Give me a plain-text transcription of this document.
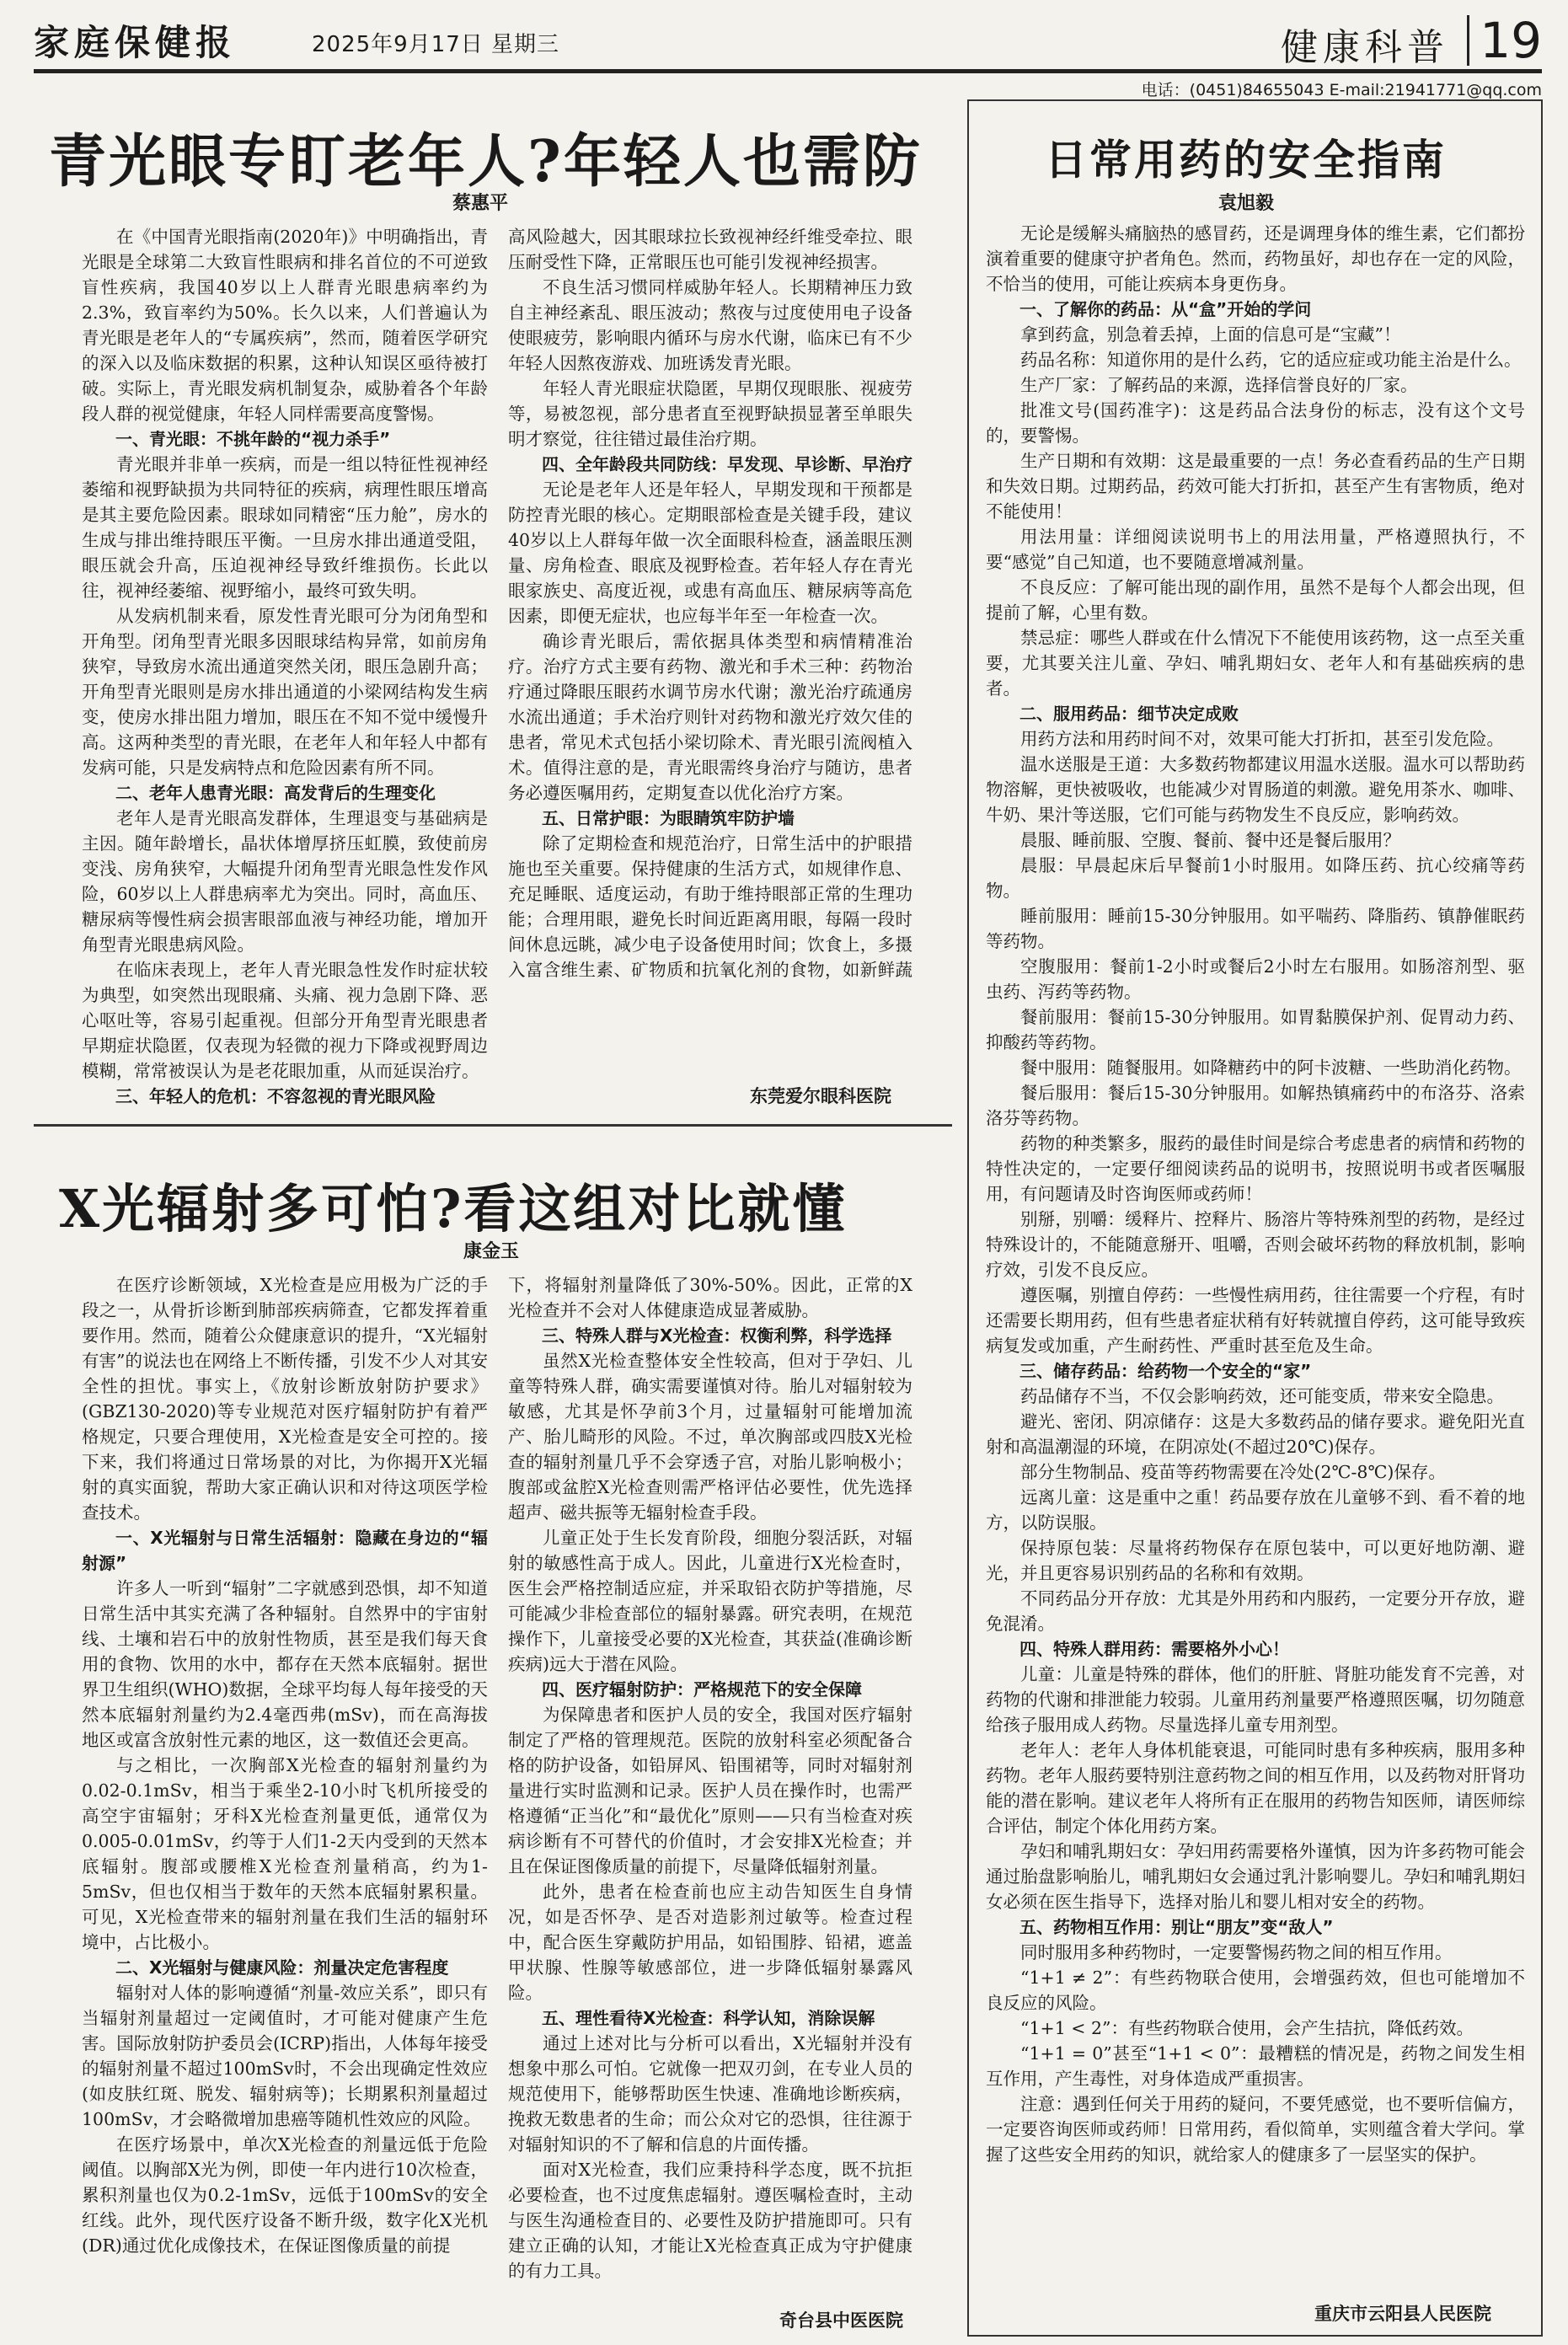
家庭保健报	2025年9月17日 星期三	健康科普 19
电话：(0451)84655043 E-mail:21941771@qq.com
青光眼专盯老年人?年轻人也需防
蔡惠平

在《中国青光眼指南(2020年)》中明确指出，青光眼是全球第二大致盲性眼病和排名首位的不可逆致盲性疾病，我国40岁以上人群青光眼患病率约为2.3%，致盲率约为50%。长久以来，人们普遍认为青光眼是老年人的“专属疾病”，然而，随着医学研究的深入以及临床数据的积累，这种认知误区亟待被打破。实际上，青光眼发病机制复杂，威胁着各个年龄段人群的视觉健康，年轻人同样需要高度警惕。

一、青光眼：不挑年龄的“视力杀手”

青光眼并非单一疾病，而是一组以特征性视神经萎缩和视野缺损为共同特征的疾病，病理性眼压增高是其主要危险因素。眼球如同精密“压力舱”，房水的生成与排出维持眼压平衡。一旦房水排出通道受阻，眼压就会升高，压迫视神经导致纤维损伤。长此以往，视神经萎缩、视野缩小，最终可致失明。

从发病机制来看，原发性青光眼可分为闭角型和开角型。闭角型青光眼多因眼球结构异常，如前房角狭窄，导致房水流出通道突然关闭，眼压急剧升高；开角型青光眼则是房水排出通道的小梁网结构发生病变，使房水排出阻力增加，眼压在不知不觉中缓慢升高。这两种类型的青光眼，在老年人和年轻人中都有发病可能，只是发病特点和危险因素有所不同。

二、老年人患青光眼：高发背后的生理变化

老年人是青光眼高发群体，生理退变与基础病是主因。随年龄增长，晶状体增厚挤压虹膜，致使前房变浅、房角狭窄，大幅提升闭角型青光眼急性发作风险，60岁以上人群患病率尤为突出。同时，高血压、糖尿病等慢性病会损害眼部血液与神经功能，增加开角型青光眼患病风险。

在临床表现上，老年人青光眼急性发作时症状较为典型，如突然出现眼痛、头痛、视力急剧下降、恶心呕吐等，容易引起重视。但部分开角型青光眼患者早期症状隐匿，仅表现为轻微的视力下降或视野周边模糊，常常被误认为是老花眼加重，从而延误治疗。

三、年轻人的危机：不容忽视的青光眼风险

高风险越大，因其眼球拉长致视神经纤维受牵拉、眼压耐受性下降，正常眼压也可能引发视神经损害。

不良生活习惯同样威胁年轻人。长期精神压力致自主神经紊乱、眼压波动；熬夜与过度使用电子设备使眼疲劳，影响眼内循环与房水代谢，临床已有不少年轻人因熬夜游戏、加班诱发青光眼。

年轻人青光眼症状隐匿，早期仅现眼胀、视疲劳等，易被忽视，部分患者直至视野缺损显著至单眼失明才察觉，往往错过最佳治疗期。

四、全年龄段共同防线：早发现、早诊断、早治疗

无论是老年人还是年轻人，早期发现和干预都是防控青光眼的核心。定期眼部检查是关键手段，建议40岁以上人群每年做一次全面眼科检查，涵盖眼压测量、房角检查、眼底及视野检查。若年轻人存在青光眼家族史、高度近视，或患有高血压、糖尿病等高危因素，即便无症状，也应每半年至一年检查一次。

确诊青光眼后，需依据具体类型和病情精准治疗。治疗方式主要有药物、激光和手术三种：药物治疗通过降眼压眼药水调节房水代谢；激光治疗疏通房水流出通道；手术治疗则针对药物和激光疗效欠佳的患者，常见术式包括小梁切除术、青光眼引流阀植入术。值得注意的是，青光眼需终身治疗与随访，患者务必遵医嘱用药，定期复查以优化治疗方案。

五、日常护眼：为眼睛筑牢防护墙

除了定期检查和规范治疗，日常生活中的护眼措施也至关重要。保持健康的生活方式，如规律作息、充足睡眠、适度运动，有助于维持眼部正常的生理功能；合理用眼，避免长时间近距离用眼，每隔一段时间休息远眺，减少电子设备使用时间；饮食上，多摄入富含维生素、矿物质和抗氧化剂的食物，如新鲜蔬

东莞爱尔眼科医院
X光辐射多可怕?看这组对比就懂
康金玉

在医疗诊断领域，X光检查是应用极为广泛的手段之一，从骨折诊断到肺部疾病筛查，它都发挥着重要作用。然而，随着公众健康意识的提升，“X光辐射有害”的说法也在网络上不断传播，引发不少人对其安全性的担忧。事实上，《放射诊断放射防护要求》(GBZ130-2020)等专业规范对医疗辐射防护有着严格规定，只要合理使用，X光检查是安全可控的。接下来，我们将通过日常场景的对比，为你揭开X光辐射的真实面貌，帮助大家正确认识和对待这项医学检查技术。

一、X光辐射与日常生活辐射：隐藏在身边的“辐射源”

许多人一听到“辐射”二字就感到恐惧，却不知道日常生活中其实充满了各种辐射。自然界中的宇宙射线、土壤和岩石中的放射性物质，甚至是我们每天食用的食物、饮用的水中，都存在天然本底辐射。据世界卫生组织(WHO)数据，全球平均每人每年接受的天然本底辐射剂量约为2.4毫西弗(mSv)，而在高海拔地区或富含放射性元素的地区，这一数值还会更高。

与之相比，一次胸部X光检查的辐射剂量约为0.02-0.1mSv，相当于乘坐2-10小时飞机所接受的高空宇宙辐射；牙科X光检查剂量更低，通常仅为0.005-0.01mSv，约等于人们1-2天内受到的天然本底辐射。腹部或腰椎X光检查剂量稍高，约为1-5mSv，但也仅相当于数年的天然本底辐射累积量。可见，X光检查带来的辐射剂量在我们生活的辐射环境中，占比极小。

二、X光辐射与健康风险：剂量决定危害程度

辐射对人体的影响遵循“剂量-效应关系”，即只有当辐射剂量超过一定阈值时，才可能对健康产生危害。国际放射防护委员会(ICRP)指出，人体每年接受的辐射剂量不超过100mSv时，不会出现确定性效应(如皮肤红斑、脱发、辐射病等)；长期累积剂量超过100mSv，才会略微增加患癌等随机性效应的风险。

在医疗场景中，单次X光检查的剂量远低于危险阈值。以胸部X光为例，即使一年内进行10次检查，累积剂量也仅为0.2-1mSv，远低于100mSv的安全红线。此外，现代医疗设备不断升级，数字化X光机(DR)通过优化成像技术，在保证图像质量的前提

下，将辐射剂量降低了30%-50%。因此，正常的X光检查并不会对人体健康造成显著威胁。

三、特殊人群与X光检查：权衡利弊，科学选择

虽然X光检查整体安全性较高，但对于孕妇、儿童等特殊人群，确实需要谨慎对待。胎儿对辐射较为敏感，尤其是怀孕前3个月，过量辐射可能增加流产、胎儿畸形的风险。不过，单次胸部或四肢X光检查的辐射剂量几乎不会穿透子宫，对胎儿影响极小；腹部或盆腔X光检查则需严格评估必要性，优先选择超声、磁共振等无辐射检查手段。

儿童正处于生长发育阶段，细胞分裂活跃，对辐射的敏感性高于成人。因此，儿童进行X光检查时，医生会严格控制适应症，并采取铅衣防护等措施，尽可能减少非检查部位的辐射暴露。研究表明，在规范操作下，儿童接受必要的X光检查，其获益(准确诊断疾病)远大于潜在风险。

四、医疗辐射防护：严格规范下的安全保障

为保障患者和医护人员的安全，我国对医疗辐射制定了严格的管理规范。医院的放射科室必须配备合格的防护设备，如铅屏风、铅围裙等，同时对辐射剂量进行实时监测和记录。医护人员在操作时，也需严格遵循“正当化”和“最优化”原则——只有当检查对疾病诊断有不可替代的价值时，才会安排X光检查；并且在保证图像质量的前提下，尽量降低辐射剂量。

此外，患者在检查前也应主动告知医生自身情况，如是否怀孕、是否对造影剂过敏等。检查过程中，配合医生穿戴防护用品，如铅围脖、铅裙，遮盖甲状腺、性腺等敏感部位，进一步降低辐射暴露风险。

五、理性看待X光检查：科学认知，消除误解

通过上述对比与分析可以看出，X光辐射并没有想象中那么可怕。它就像一把双刃剑，在专业人员的规范使用下，能够帮助医生快速、准确地诊断疾病，挽救无数患者的生命；而公众对它的恐惧，往往源于对辐射知识的不了解和信息的片面传播。

面对X光检查，我们应秉持科学态度，既不抗拒必要检查，也不过度焦虑辐射。遵医嘱检查时，主动与医生沟通检查目的、必要性及防护措施即可。只有建立正确的认知，才能让X光检查真正成为守护健康的有力工具。

奇台县中医医院
日常用药的安全指南
袁旭毅

无论是缓解头痛脑热的感冒药，还是调理身体的维生素，它们都扮演着重要的健康守护者角色。然而，药物虽好，却也存在一定的风险，不恰当的使用，可能让疾病本身更伤身。

一、了解你的药品：从“盒”开始的学问

拿到药盒，别急着丢掉，上面的信息可是“宝藏”！

药品名称：知道你用的是什么药，它的适应症或功能主治是什么。

生产厂家：了解药品的来源，选择信誉良好的厂家。

批准文号(国药准字)：这是药品合法身份的标志，没有这个文号的，要警惕。

生产日期和有效期：这是最重要的一点！务必查看药品的生产日期和失效日期。过期药品，药效可能大打折扣，甚至产生有害物质，绝对不能使用！

用法用量：详细阅读说明书上的用法用量，严格遵照执行，不要“感觉”自己知道，也不要随意增减剂量。

不良反应：了解可能出现的副作用，虽然不是每个人都会出现，但提前了解，心里有数。

禁忌症：哪些人群或在什么情况下不能使用该药物，这一点至关重要，尤其要关注儿童、孕妇、哺乳期妇女、老年人和有基础疾病的患者。

二、服用药品：细节决定成败

用药方法和用药时间不对，效果可能大打折扣，甚至引发危险。

温水送服是王道：大多数药物都建议用温水送服。温水可以帮助药物溶解，更快被吸收，也能减少对胃肠道的刺激。避免用茶水、咖啡、牛奶、果汁等送服，它们可能与药物发生不良反应，影响药效。

晨服、睡前服、空腹、餐前、餐中还是餐后服用？

晨服：早晨起床后早餐前1小时服用。如降压药、抗心绞痛等药物。

睡前服用：睡前15-30分钟服用。如平喘药、降脂药、镇静催眠药等药物。

空腹服用：餐前1-2小时或餐后2小时左右服用。如肠溶剂型、驱虫药、泻药等药物。

餐前服用：餐前15-30分钟服用。如胃黏膜保护剂、促胃动力药、抑酸药等药物。

餐中服用：随餐服用。如降糖药中的阿卡波糖、一些助消化药物。

餐后服用：餐后15-30分钟服用。如解热镇痛药中的布洛芬、洛索洛芬等药物。

药物的种类繁多，服药的最佳时间是综合考虑患者的病情和药物的特性决定的，一定要仔细阅读药品的说明书，按照说明书或者医嘱服用，有问题请及时咨询医师或药师！

别掰，别嚼：缓释片、控释片、肠溶片等特殊剂型的药物，是经过特殊设计的，不能随意掰开、咀嚼，否则会破坏药物的释放机制，影响疗效，引发不良反应。

遵医嘱，别擅自停药：一些慢性病用药，往往需要一个疗程，有时还需要长期用药，但有些患者症状稍有好转就擅自停药，这可能导致疾病复发或加重，产生耐药性、严重时甚至危及生命。

三、储存药品：给药物一个安全的“家”

药品储存不当，不仅会影响药效，还可能变质，带来安全隐患。

避光、密闭、阴凉储存：这是大多数药品的储存要求。避免阳光直射和高温潮湿的环境，在阴凉处(不超过20℃)保存。

部分生物制品、疫苗等药物需要在冷处(2℃-8℃)保存。

远离儿童：这是重中之重！药品要存放在儿童够不到、看不着的地方，以防误服。

保持原包装：尽量将药物保存在原包装中，可以更好地防潮、避光，并且更容易识别药品的名称和有效期。

不同药品分开存放：尤其是外用药和内服药，一定要分开存放，避免混淆。

四、特殊人群用药：需要格外小心！

儿童：儿童是特殊的群体，他们的肝脏、肾脏功能发育不完善，对药物的代谢和排泄能力较弱。儿童用药剂量要严格遵照医嘱，切勿随意给孩子服用成人药物。尽量选择儿童专用剂型。

老年人：老年人身体机能衰退，可能同时患有多种疾病，服用多种药物。老年人服药要特别注意药物之间的相互作用，以及药物对肝肾功能的潜在影响。建议老年人将所有正在服用的药物告知医师，请医师综合评估，制定个体化用药方案。

孕妇和哺乳期妇女：孕妇用药需要格外谨慎，因为许多药物可能会通过胎盘影响胎儿，哺乳期妇女会通过乳汁影响婴儿。孕妇和哺乳期妇女必须在医生指导下，选择对胎儿和婴儿相对安全的药物。

五、药物相互作用：别让“朋友”变“敌人”

同时服用多种药物时，一定要警惕药物之间的相互作用。

“1+1 ≠ 2”：有些药物联合使用，会增强药效，但也可能增加不良反应的风险。

“1+1 < 2”：有些药物联合使用，会产生拮抗，降低药效。

“1+1 = 0”甚至“1+1 < 0”：最糟糕的情况是，药物之间发生相互作用，产生毒性，对身体造成严重损害。

注意：遇到任何关于用药的疑问，不要凭感觉，也不要听信偏方，一定要咨询医师或药师！日常用药，看似简单，实则蕴含着大学问。掌握了这些安全用药的知识，就给家人的健康多了一层坚实的保护。

重庆市云阳县人民医院
